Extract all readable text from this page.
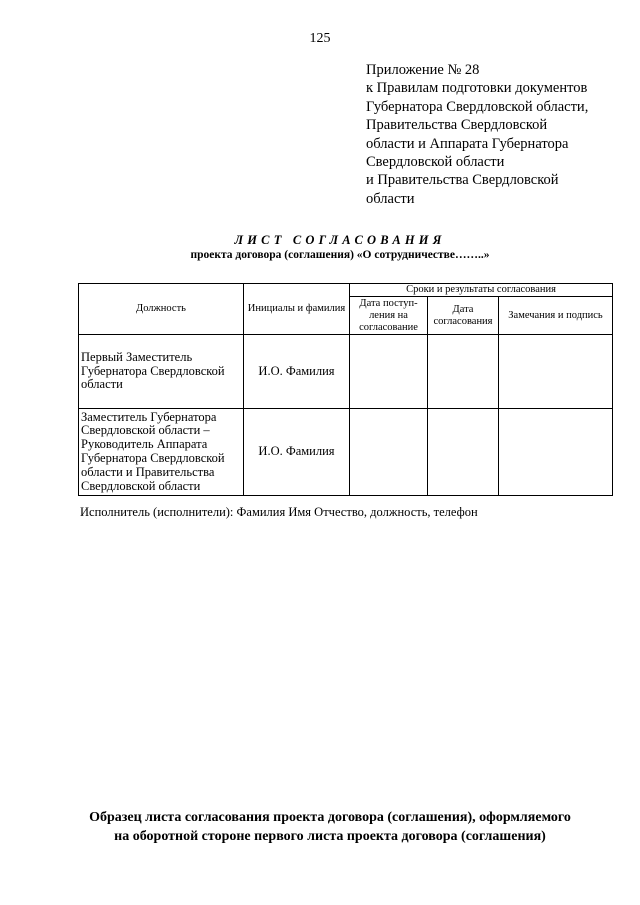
125
Приложение № 28
к Правилам подготовки документов
Губернатора Свердловской области,
Правительства Свердловской
области и Аппарата Губернатора
Свердловской области
и Правительства Свердловской
области
ЛИСТ СОГЛАСОВАНИЯ
проекта договора (соглашения) «О сотрудничестве……..»
Должность	Инициалы и фамилия	Сроки и результаты согласования		
		Дата поступ-ления на согласование	Дата согласования	Замечания и подпись
Первый Заместитель Губернатора Свердловской области	И.О. Фамилия			
Заместитель Губернатора Свердловской области – Руководитель Аппарата Губернатора Свердловской области и Правительства Свердловской области	И.О. Фамилия			
Исполнитель (исполнители): Фамилия Имя Отчество, должность, телефон
Образец листа согласования проекта договора (соглашения), оформляемого
на оборотной стороне первого листа проекта договора (соглашения)
